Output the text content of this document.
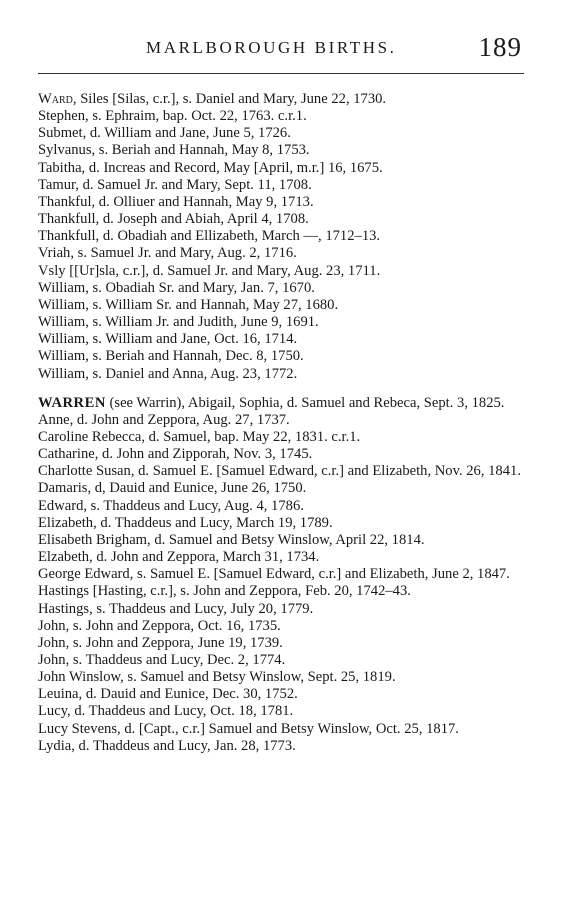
MARLBOROUGH BIRTHS.	189

Ward, Siles [Silas, c.r.], s. Daniel and Mary, June 22, 1730.

Stephen, s. Ephraim, bap. Oct. 22, 1763. c.r.1.

Submet, d. William and Jane, June 5, 1726.

Sylvanus, s. Beriah and Hannah, May 8, 1753.

Tabitha, d. Increas and Record, May [April, m.r.] 16, 1675.

Tamur, d. Samuel Jr. and Mary, Sept. 11, 1708.

Thankful, d. Olliuer and Hannah, May 9, 1713.

Thankfull, d. Joseph and Abiah, April 4, 1708.

Thankfull, d. Obadiah and Ellizabeth, March —, 1712–13.

Vriah, s. Samuel Jr. and Mary, Aug. 2, 1716.

Vsly [[Ur]sla, c.r.], d. Samuel Jr. and Mary, Aug. 23, 1711.

William, s. Obadiah Sr. and Mary, Jan. 7, 1670.

William, s. William Sr. and Hannah, May 27, 1680.

William, s. William Jr. and Judith, June 9, 1691.

William, s. William and Jane, Oct. 16, 1714.

William, s. Beriah and Hannah, Dec. 8, 1750.

William, s. Daniel and Anna, Aug. 23, 1772.

WARREN (see Warrin), Abigail, Sophia, d. Samuel and Rebeca, Sept. 3, 1825.

Anne, d. John and Zeppora, Aug. 27, 1737.

Caroline Rebecca, d. Samuel, bap. May 22, 1831. c.r.1.

Catharine, d. John and Zipporah, Nov. 3, 1745.

Charlotte Susan, d. Samuel E. [Samuel Edward, c.r.] and Elizabeth, Nov. 26, 1841.

Damaris, d, Dauid and Eunice, June 26, 1750.

Edward, s. Thaddeus and Lucy, Aug. 4, 1786.

Elizabeth, d. Thaddeus and Lucy, March 19, 1789.

Elisabeth Brigham, d. Samuel and Betsy Winslow, April 22, 1814.

Elzabeth, d. John and Zeppora, March 31, 1734.

George Edward, s. Samuel E. [Samuel Edward, c.r.] and Elizabeth, June 2, 1847.

Hastings [Hasting, c.r.], s. John and Zeppora, Feb. 20, 1742–43.

Hastings, s. Thaddeus and Lucy, July 20, 1779.

John, s. John and Zeppora, Oct. 16, 1735.

John, s. John and Zeppora, June 19, 1739.

John, s. Thaddeus and Lucy, Dec. 2, 1774.

John Winslow, s. Samuel and Betsy Winslow, Sept. 25, 1819.

Leuina, d. Dauid and Eunice, Dec. 30, 1752.

Lucy, d. Thaddeus and Lucy, Oct. 18, 1781.

Lucy Stevens, d. [Capt., c.r.] Samuel and Betsy Winslow, Oct. 25, 1817.

Lydia, d. Thaddeus and Lucy, Jan. 28, 1773.
